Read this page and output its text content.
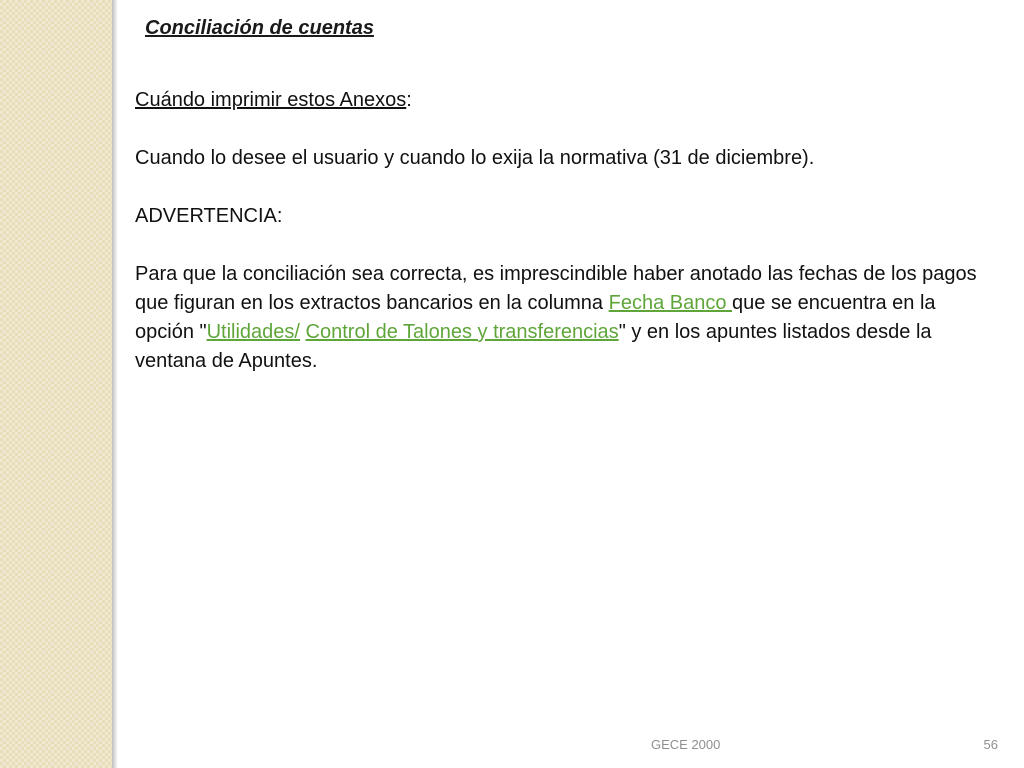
Conciliación de cuentas

Cuándo imprimir estos Anexos:

Cuando lo desee el usuario y cuando lo exija la normativa (31 de diciembre).

ADVERTENCIA:

Para que la conciliación sea correcta, es imprescindible haber anotado las fechas de los pagos que figuran en los extractos bancarios en la columna Fecha Banco que se encuentra en la opción "Utilidades/ Control de Talones y transferencias" y en los apuntes listados desde la ventana de Apuntes.

GECE 2000	56
